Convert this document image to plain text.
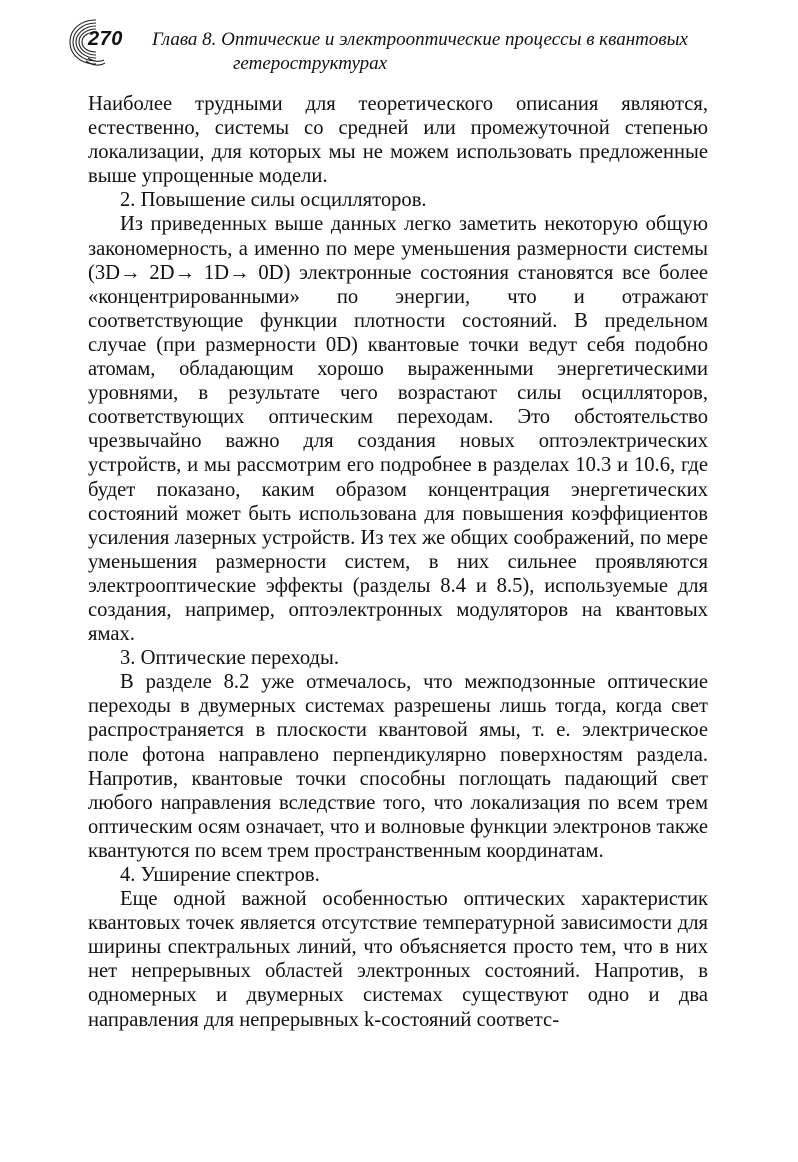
270 Глава 8. Оптические и электрооптические процессы в квантовых
гетероструктурах

Наиболее трудными для теоретического описания являются, естественно, системы со средней или промежуточной степенью локализации, для которых мы не можем использовать предложенные выше упрощенные модели.

2. Повышение силы осцилляторов.

Из приведенных выше данных легко заметить некоторую общую закономерность, а именно по мере уменьшения размерности системы (3D→ 2D→ 1D→ 0D) электронные состояния становятся все более «концентрированными» по энергии, что и отражают соответствующие функции плотности состояний. В предельном случае (при размерности 0D) квантовые точки ведут себя подобно атомам, обладающим хорошо выраженными энергетическими уровнями, в результате чего возрастают силы осцилляторов, соответствующих оптическим переходам. Это обстоятельство чрезвычайно важно для создания новых оптоэлектрических устройств, и мы рассмотрим его подробнее в разделах 10.3 и 10.6, где будет показано, каким образом концентрация энергетических состояний может быть использована для повышения коэффициентов усиления лазерных устройств. Из тех же общих соображений, по мере уменьшения размерности систем, в них сильнее проявляются электрооптические эффекты (разделы 8.4 и 8.5), используемые для создания, например, оптоэлектронных модуляторов на квантовых ямах.

3. Оптические переходы.

В разделе 8.2 уже отмечалось, что межподзонные оптические переходы в двумерных системах разрешены лишь тогда, когда свет распространяется в плоскости квантовой ямы, т. е. электрическое поле фотона направлено перпендикулярно поверхностям раздела. Напротив, квантовые точки способны поглощать падающий свет любого направления вследствие того, что локализация по всем трем оптическим осям означает, что и волновые функции электронов также квантуются по всем трем пространственным координатам.

4. Уширение спектров.

Еще одной важной особенностью оптических характеристик квантовых точек является отсутствие температурной зависимости для ширины спектральных линий, что объясняется просто тем, что в них нет непрерывных областей электронных состояний. Напротив, в одномерных и двумерных системах существуют одно и два направления для непрерывных k-состояний соответс-
